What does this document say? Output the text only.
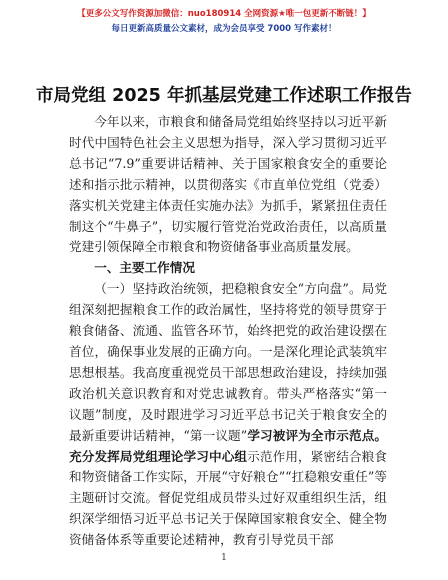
【更多公文写作资源加微信：nuo180914 全网资源★唯一包更新不断链！】
每日更新高质量公文素材，成为会员享受 7000 写作素材！
市局党组 2025 年抓基层党建工作述职工作报告

今年以来，市粮食和储备局党组始终坚持以习近平新时代中国特色社会主义思想为指导，深入学习贯彻习近平总书记“7.9”重要讲话精神、关于国家粮食安全的重要论述和指示批示精神，以贯彻落实《市直单位党组（党委）落实机关党建主体责任实施办法》为抓手，紧紧扭住责任制这个“牛鼻子”，切实履行管党治党政治责任，以高质量党建引领保障全市粮食和物资储备事业高质量发展。

一、主要工作情况

（一）坚持政治统领，把稳粮食安全“方向盘”。局党组深刻把握粮食工作的政治属性，坚持将党的领导贯穿于粮食储备、流通、监管各环节，始终把党的政治建设摆在首位，确保事业发展的正确方向。一是深化理论武装筑牢思想根基。我高度重视党员干部思想政治建设，持续加强政治机关意识教育和对党忠诚教育。带头严格落实“第一议题”制度，及时跟进学习习近平总书记关于粮食安全的最新重要讲话精神，“第一议题”学习被评为全市示范点。充分发挥局党组理论学习中心组示范作用，紧密结合粮食和物资储备工作实际，开展“守好粮仓”“扛稳粮安重任”等主题研讨交流。督促党组成员带头过好双重组织生活，组织深学细悟习近平总书记关于保障国家粮食安全、健全物资储备体系等重要论述精神，教育引导党员干部

1
